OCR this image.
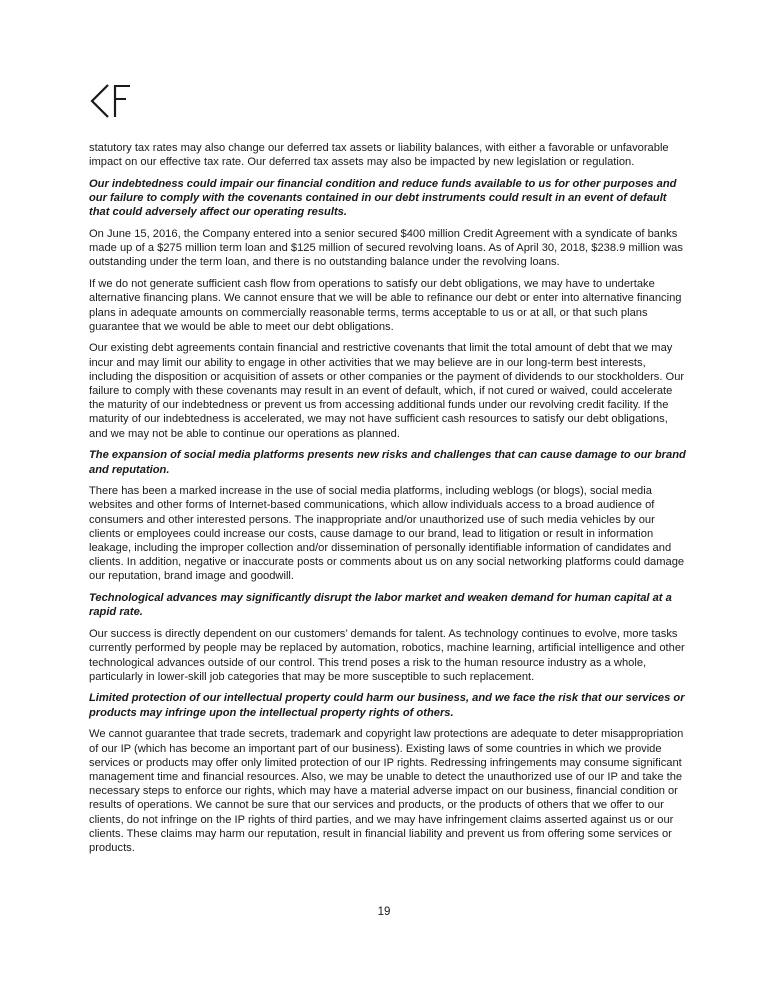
statutory tax rates may also change our deferred tax assets or liability balances, with either a favorable or unfavorable impact on our effective tax rate. Our deferred tax assets may also be impacted by new legislation or regulation.

Our indebtedness could impair our financial condition and reduce funds available to us for other purposes and our failure to comply with the covenants contained in our debt instruments could result in an event of default that could adversely affect our operating results.

On June 15, 2016, the Company entered into a senior secured $400 million Credit Agreement with a syndicate of banks made up of a $275 million term loan and $125 million of secured revolving loans. As of April 30, 2018, $238.9 million was outstanding under the term loan, and there is no outstanding balance under the revolving loans.

If we do not generate sufficient cash flow from operations to satisfy our debt obligations, we may have to undertake alternative financing plans. We cannot ensure that we will be able to refinance our debt or enter into alternative financing plans in adequate amounts on commercially reasonable terms, terms acceptable to us or at all, or that such plans guarantee that we would be able to meet our debt obligations.

Our existing debt agreements contain financial and restrictive covenants that limit the total amount of debt that we may incur and may limit our ability to engage in other activities that we may believe are in our long-term best interests, including the disposition or acquisition of assets or other companies or the payment of dividends to our stockholders. Our failure to comply with these covenants may result in an event of default, which, if not cured or waived, could accelerate the maturity of our indebtedness or prevent us from accessing additional funds under our revolving credit facility. If the maturity of our indebtedness is accelerated, we may not have sufficient cash resources to satisfy our debt obligations, and we may not be able to continue our operations as planned.

The expansion of social media platforms presents new risks and challenges that can cause damage to our brand and reputation.

There has been a marked increase in the use of social media platforms, including weblogs (or blogs), social media websites and other forms of Internet-based communications, which allow individuals access to a broad audience of consumers and other interested persons. The inappropriate and/or unauthorized use of such media vehicles by our clients or employees could increase our costs, cause damage to our brand, lead to litigation or result in information leakage, including the improper collection and/or dissemination of personally identifiable information of candidates and clients. In addition, negative or inaccurate posts or comments about us on any social networking platforms could damage our reputation, brand image and goodwill.

Technological advances may significantly disrupt the labor market and weaken demand for human capital at a rapid rate.

Our success is directly dependent on our customers’ demands for talent. As technology continues to evolve, more tasks currently performed by people may be replaced by automation, robotics, machine learning, artificial intelligence and other technological advances outside of our control. This trend poses a risk to the human resource industry as a whole, particularly in lower-skill job categories that may be more susceptible to such replacement.

Limited protection of our intellectual property could harm our business, and we face the risk that our services or products may infringe upon the intellectual property rights of others.

We cannot guarantee that trade secrets, trademark and copyright law protections are adequate to deter misappropriation of our IP (which has become an important part of our business). Existing laws of some countries in which we provide services or products may offer only limited protection of our IP rights. Redressing infringements may consume significant management time and financial resources. Also, we may be unable to detect the unauthorized use of our IP and take the necessary steps to enforce our rights, which may have a material adverse impact on our business, financial condition or results of operations. We cannot be sure that our services and products, or the products of others that we offer to our clients, do not infringe on the IP rights of third parties, and we may have infringement claims asserted against us or our clients. These claims may harm our reputation, result in financial liability and prevent us from offering some services or products.

19
